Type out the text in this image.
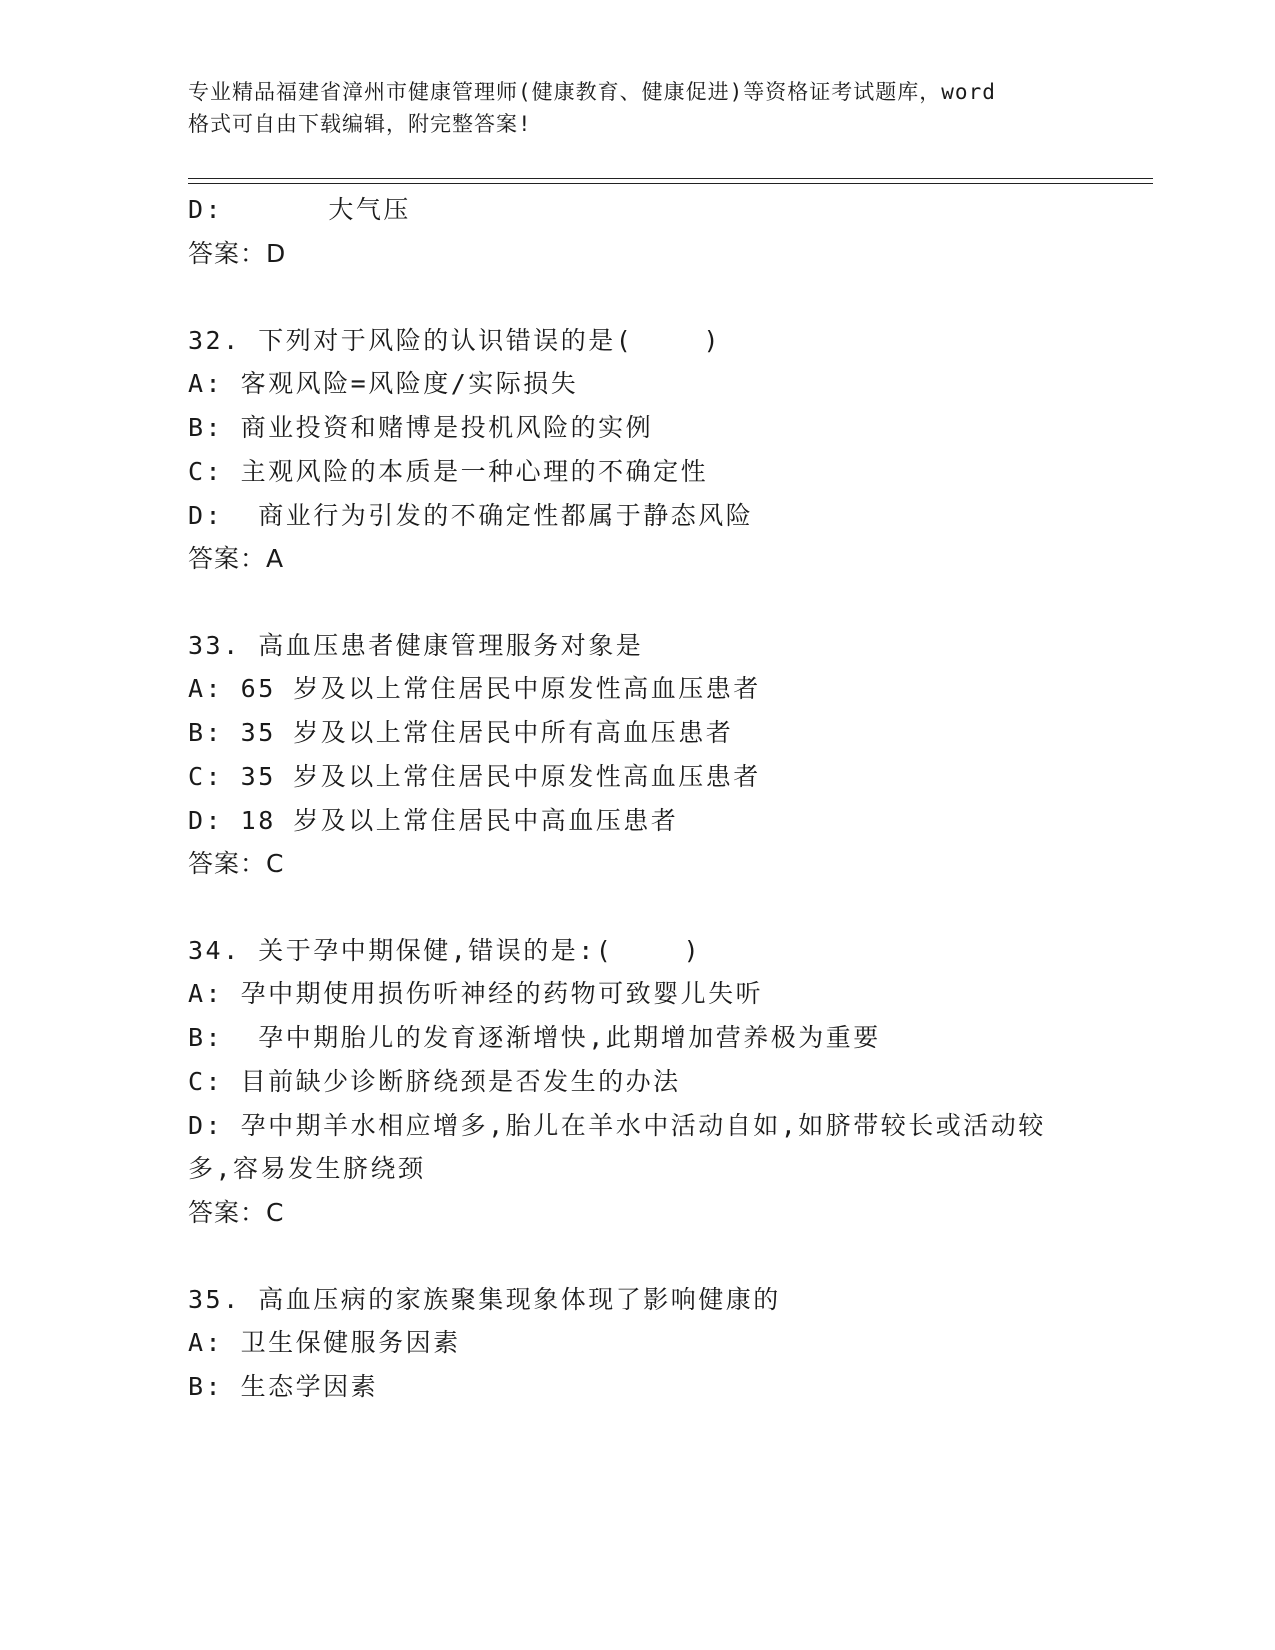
专业精品福建省漳州市健康管理师(健康教育、健康促进)等资格证考试题库，word
格式可自由下载编辑，附完整答案!
D:      大气压
答案：D
32. 下列对于风险的认识错误的是(    )
A: 客观风险=风险度/实际损失
B: 商业投资和赌博是投机风险的实例
C: 主观风险的本质是一种心理的不确定性
D:  商业行为引发的不确定性都属于静态风险
答案：A
33. 高血压患者健康管理服务对象是
A: 65 岁及以上常住居民中原发性高血压患者
B: 35 岁及以上常住居民中所有高血压患者
C: 35 岁及以上常住居民中原发性高血压患者
D: 18 岁及以上常住居民中高血压患者
答案：C
34. 关于孕中期保健,错误的是:(    )
A: 孕中期使用损伤听神经的药物可致婴儿失听
B:  孕中期胎儿的发育逐渐增快,此期增加营养极为重要
C: 目前缺少诊断脐绕颈是否发生的办法
D: 孕中期羊水相应增多,胎儿在羊水中活动自如,如脐带较长或活动较
多,容易发生脐绕颈
答案：C
35. 高血压病的家族聚集现象体现了影响健康的
A: 卫生保健服务因素
B: 生态学因素
